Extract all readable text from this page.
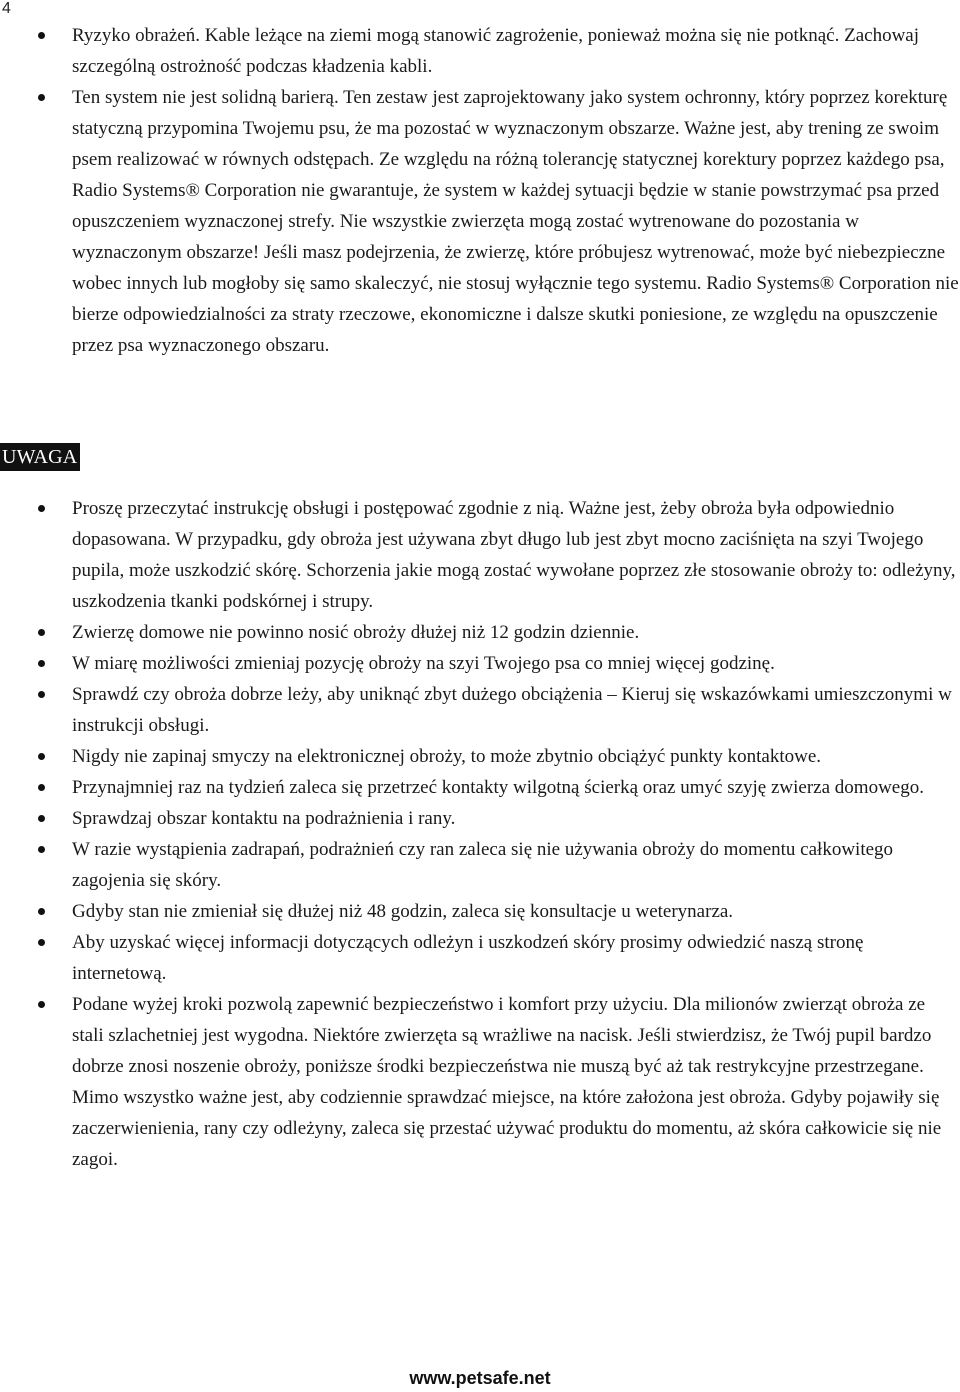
4
Ryzyko obrażeń. Kable leżące na ziemi mogą stanowić zagrożenie, ponieważ można się nie potknąć. Zachowaj szczególną ostrożność podczas kładzenia kabli.
Ten system nie jest solidną barierą. Ten zestaw jest zaprojektowany jako system ochronny, który poprzez korekturę statyczną przypomina Twojemu psu, że ma pozostać w wyznaczonym obszarze. Ważne jest, aby trening ze swoim psem realizować w równych odstępach. Ze względu na różną tolerancję statycznej korektury poprzez każdego psa, Radio Systems® Corporation nie gwarantuje, że system w każdej sytuacji będzie w stanie powstrzymać psa przed opuszczeniem wyznaczonej strefy. Nie wszystkie zwierzęta mogą zostać wytrenowane do pozostania w wyznaczonym obszarze! Jeśli masz podejrzenia, że zwierzę, które próbujesz wytrenować, może być niebezpieczne wobec innych lub mogłoby się samo skaleczyć, nie stosuj wyłącznie tego systemu. Radio Systems® Corporation nie bierze odpowiedzialności za straty rzeczowe, ekonomiczne i dalsze skutki poniesione, ze względu na opuszczenie przez psa wyznaczonego obszaru.
UWAGA
Proszę przeczytać instrukcję obsługi i postępować zgodnie z nią. Ważne jest, żeby obroża była odpowiednio dopasowana. W przypadku, gdy obroża jest używana zbyt długo lub jest zbyt mocno zaciśnięta na szyi Twojego pupila, może uszkodzić skórę. Schorzenia jakie mogą zostać wywołane poprzez złe stosowanie obroży to: odleżyny, uszkodzenia tkanki podskórnej i strupy.
Zwierzę domowe nie powinno nosić obroży dłużej niż 12 godzin dziennie.
W miarę możliwości zmieniaj pozycję obroży na szyi Twojego psa co mniej więcej godzinę.
Sprawdź czy obroża dobrze leży, aby uniknąć zbyt dużego obciążenia – Kieruj się wskazówkami umieszczonymi w instrukcji obsługi.
Nigdy nie zapinaj smyczy na elektronicznej obroży, to może zbytnio obciążyć punkty kontaktowe.
Przynajmniej raz na tydzień zaleca się przetrzeć kontakty wilgotną ścierką oraz umyć szyję zwierza domowego.
Sprawdzaj obszar kontaktu na podrażnienia i rany.
W razie wystąpienia zadrapań, podrażnień czy ran zaleca się nie używania obroży do momentu całkowitego zagojenia się skóry.
Gdyby stan nie zmieniał się dłużej niż 48 godzin, zaleca się konsultacje u weterynarza.
Aby uzyskać więcej informacji dotyczących odleżyn i uszkodzeń skóry prosimy odwiedzić naszą stronę internetową.
Podane wyżej kroki pozwolą zapewnić bezpieczeństwo i komfort przy użyciu. Dla milionów zwierząt obroża ze stali szlachetniej jest wygodna. Niektóre zwierzęta są wrażliwe na nacisk. Jeśli stwierdzisz, że Twój pupil bardzo dobrze znosi noszenie obroży, poniższe środki bezpieczeństwa nie muszą być aż tak restrykcyjne przestrzegane. Mimo wszystko ważne jest, aby codziennie sprawdzać miejsce, na które założona jest obroża. Gdyby pojawiły się zaczerwienienia, rany czy odleżyny, zaleca się przestać używać produktu do momentu, aż skóra całkowicie się nie zagoi.
www.petsafe.net
